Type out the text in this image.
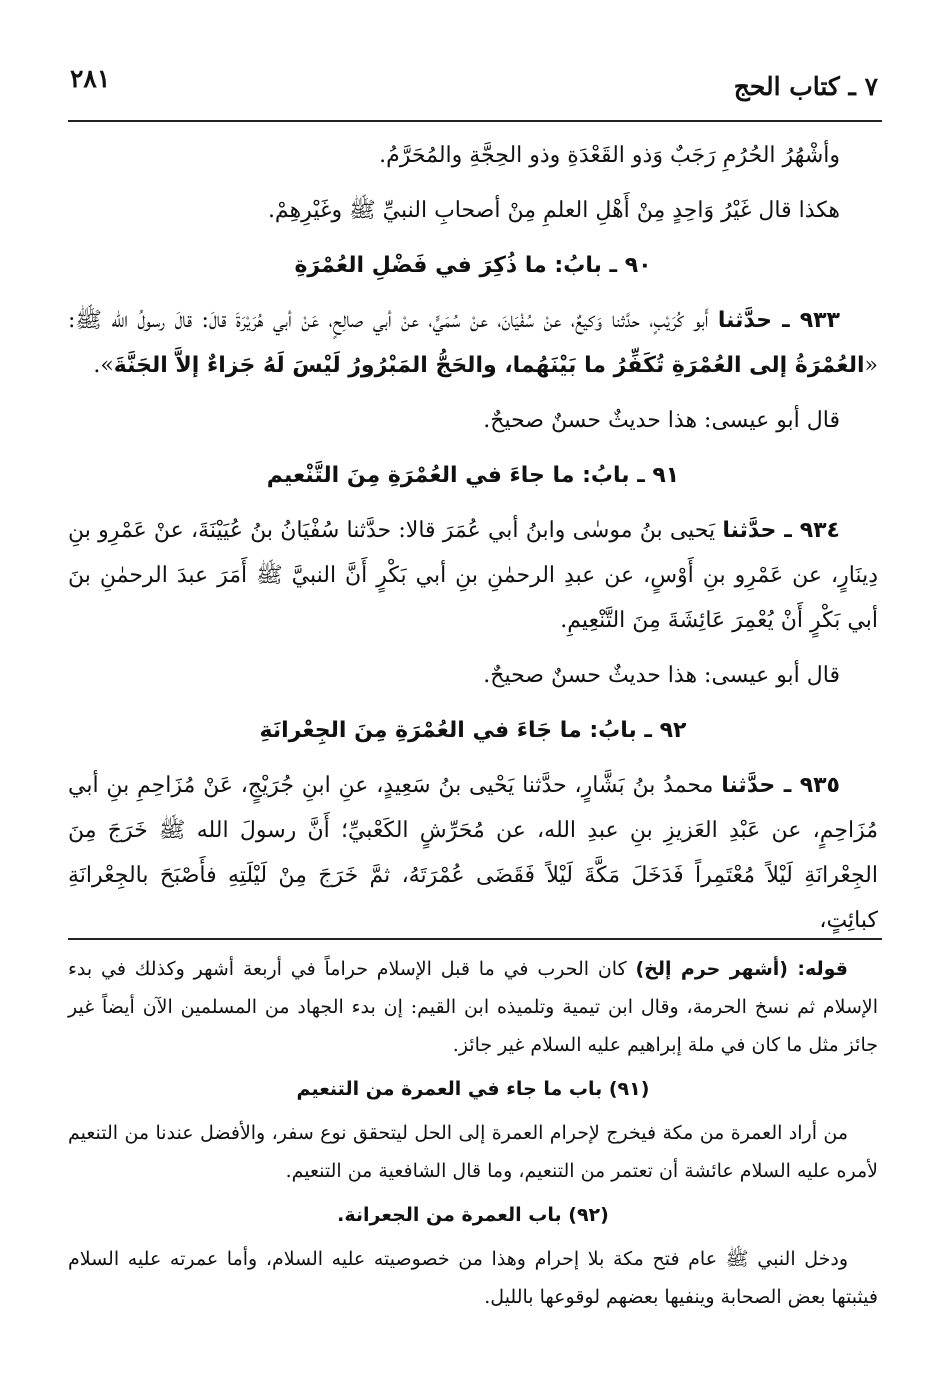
٢٨١	٧ ـ كتاب الحج

وأشْهُرُ الحُرُمِ رَجَبٌ وَذو القَعْدَةِ وذو الحِجَّةِ والمُحَرَّمُ.

هكذا قال غَيْرُ وَاحِدٍ مِنْ أَهْلِ العلمِ مِنْ أصحابِ النبيِّ ﷺ وغَيْرِهِمْ.

٩٠ ـ بابُ: ما ذُكِرَ في فَضْلِ العُمْرَةِ

٩٣٣ ـ حدَّثنا أَبو كُرَيْبٍ، حدَّثنا وَكيعٌ، عنْ سُفْيَانَ، عنْ سُمَيٍّ، عنْ أبي صالِحٍ، عَنْ أبي هُرَيْرَةَ قالَ: قالَ رسولُ الله ﷺ: «العُمْرَةُ إلى العُمْرَةِ تُكَفِّرُ ما بَيْنَهُما، والحَجُّ المَبْرُورُ لَيْسَ لَهُ جَزاءٌ إلاَّ الجَنَّةَ».

قال أبو عيسى: هذا حديثٌ حسنٌ صحيحٌ.

٩١ ـ بابُ: ما جاءَ في العُمْرَةِ مِنَ التَّنْعيم

٩٣٤ ـ حدَّثنا يَحيى بنُ موسٰى وابنُ أبي عُمَرَ قالا: حدَّثنا سُفْيَانُ بنُ عُيَيْنَةَ، عنْ عَمْرِو بنِ دِينَارٍ، عن عَمْرِو بنِ أَوْسٍ، عن عبدِ الرحمٰنِ بنِ أبي بَكْرٍ أَنَّ النبيَّ ﷺ أَمَرَ عبدَ الرحمٰنِ بنَ أبي بَكْرٍ أَنْ يُعْمِرَ عَائِشَةَ مِنَ التَّنْعِيمِ.

قال أبو عيسى: هذا حديثٌ حسنٌ صحيحٌ.

٩٢ ـ بابُ: ما جَاءَ في العُمْرَةِ مِنَ الجِعْرانَةِ

٩٣٥ ـ حدَّثنا محمدُ بنُ بَشَّارٍ، حدَّثنا يَحْيى بنُ سَعِيدٍ، عنِ ابنِ جُرَيْجٍ، عَنْ مُزَاحِمِ بنِ أبي مُزَاحِمٍ، عن عَبْدِ العَزيزِ بنِ عبدِ الله، عن مُحَرِّشٍ الكَعْبيِّ؛ أَنَّ رسولَ الله ﷺ خَرَجَ مِنَ الجِعْرانَةِ لَيْلاً مُعْتَمِراً فَدَخَلَ مَكَّةَ لَيْلاً فَقَضَى عُمْرَتَهُ، ثمَّ خَرَجَ مِنْ لَيْلَتِهِ فأَصْبَحَ بالجِعْرانَةِ كبائِتٍ،

قوله: (أشهر حرم إلخ) كان الحرب في ما قبل الإسلام حراماً في أربعة أشهر وكذلك في بدء الإسلام ثم نسخ الحرمة، وقال ابن تيمية وتلميذه ابن القيم: إن بدء الجهاد من المسلمين الآن أيضاً غير جائز مثل ما كان في ملة إبراهيم عليه السلام غير جائز.

(٩١) باب ما جاء في العمرة من التنعيم

من أراد العمرة من مكة فيخرج لإحرام العمرة إلى الحل ليتحقق نوع سفر، والأفضل عندنا من التنعيم لأمره عليه السلام عائشة أن تعتمر من التنعيم، وما قال الشافعية من التنعيم.

(٩٢) باب العمرة من الجعرانة.

ودخل النبي ﷺ عام فتح مكة بلا إحرام وهذا من خصوصيته عليه السلام، وأما عمرته عليه السلام فيثبتها بعض الصحابة وينفيها بعضهم لوقوعها بالليل.
